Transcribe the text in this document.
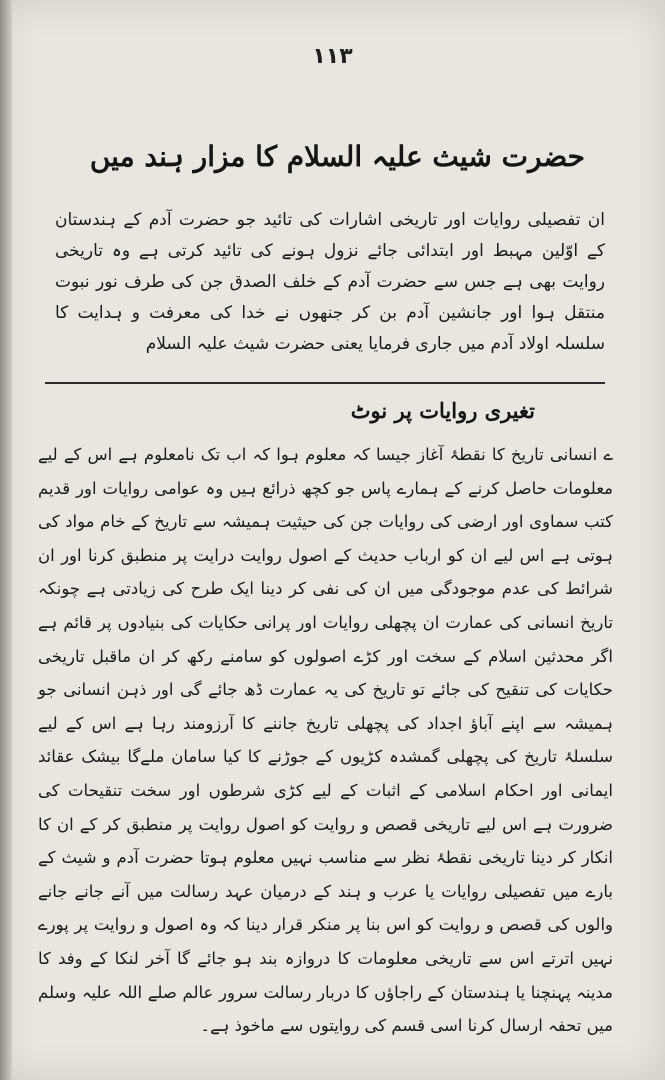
۱۱۳
حضرت شیث علیہ السلام کا مزار ہند میں

ان تفصیلی روایات اور تاریخی اشارات کی تائید جو حضرت آدم کے ہندستان کے اوّلین مہبط اور ابتدائی جائے نزول ہونے کی تائید کرتی ہے وہ تاریخی روایت بھی ہے جس سے حضرت آدم کے خلف الصدق جن کی طرف نور نبوت منتقل ہوا اور جانشین آدم بن کر جنھوں نے خدا کی معرفت و ہدایت کا سلسلہ اولاد آدم میں جاری فرمایا یعنی حضرت شیث علیہ السلام

تغیری روایات پر نوٹ

ے انسانی تاریخ کا نقطۂ آغاز جیسا کہ معلوم ہوا کہ اب تک نامعلوم ہے اس کے لیے معلومات حاصل کرنے کے ہمارے پاس جو کچھ ذرائع ہیں وہ عوامی روایات اور قدیم کتب سماوی اور ارضی کی روایات جن کی حیثیت ہمیشہ سے تاریخ کے خام مواد کی ہوتی ہے اس لیے ان کو ارباب حدیث کے اصول روایت درایت پر منطبق کرنا اور ان شرائط کی عدم موجودگی میں ان کی نفی کر دینا ایک طرح کی زیادتی ہے چونکہ تاریخ انسانی کی عمارت ان پچھلی روایات اور پرانی حکایات کی بنیادوں پر قائم ہے اگر محدثین اسلام کے سخت اور کڑے اصولوں کو سامنے رکھ کر ان ماقبل تاریخی حکایات کی تنقیح کی جائے تو تاریخ کی یہ عمارت ڈھ جائے گی اور ذہن انسانی جو ہمیشہ سے اپنے آباؤ اجداد کی پچھلی تاریخ جاننے کا آرزومند رہا ہے اس کے لیے سلسلۂ تاریخ کی پچھلی گمشدہ کڑیوں کے جوڑنے کا کیا سامان ملےگا بیشک عقائد ایمانی اور احکام اسلامی کے اثبات کے لیے کڑی شرطوں اور سخت تنقیحات کی ضرورت ہے اس لیے تاریخی قصص و روایت کو اصول روایت پر منطبق کر کے ان کا انکار کر دینا تاریخی نقطۂ نظر سے مناسب نہیں معلوم ہوتا حضرت آدم و شیث کے بارے میں تفصیلی روایات یا عرب و ہند کے درمیان عہد رسالت میں آنے جانے جانے والوں کی قصص و روایت کو اس بنا پر منکر قرار دینا کہ وہ اصول و روایت پر پورے نہیں اترتے اس سے تاریخی معلومات کا دروازہ بند ہو جائے گا آخر لنکا کے وفد کا مدینہ پہنچنا یا ہندستان کے راجاؤں کا دربار رسالت سرور عالم صلے اللہ علیہ وسلم میں تحفہ ارسال کرنا اسی قسم کی روایتوں سے ماخوذ ہے۔
